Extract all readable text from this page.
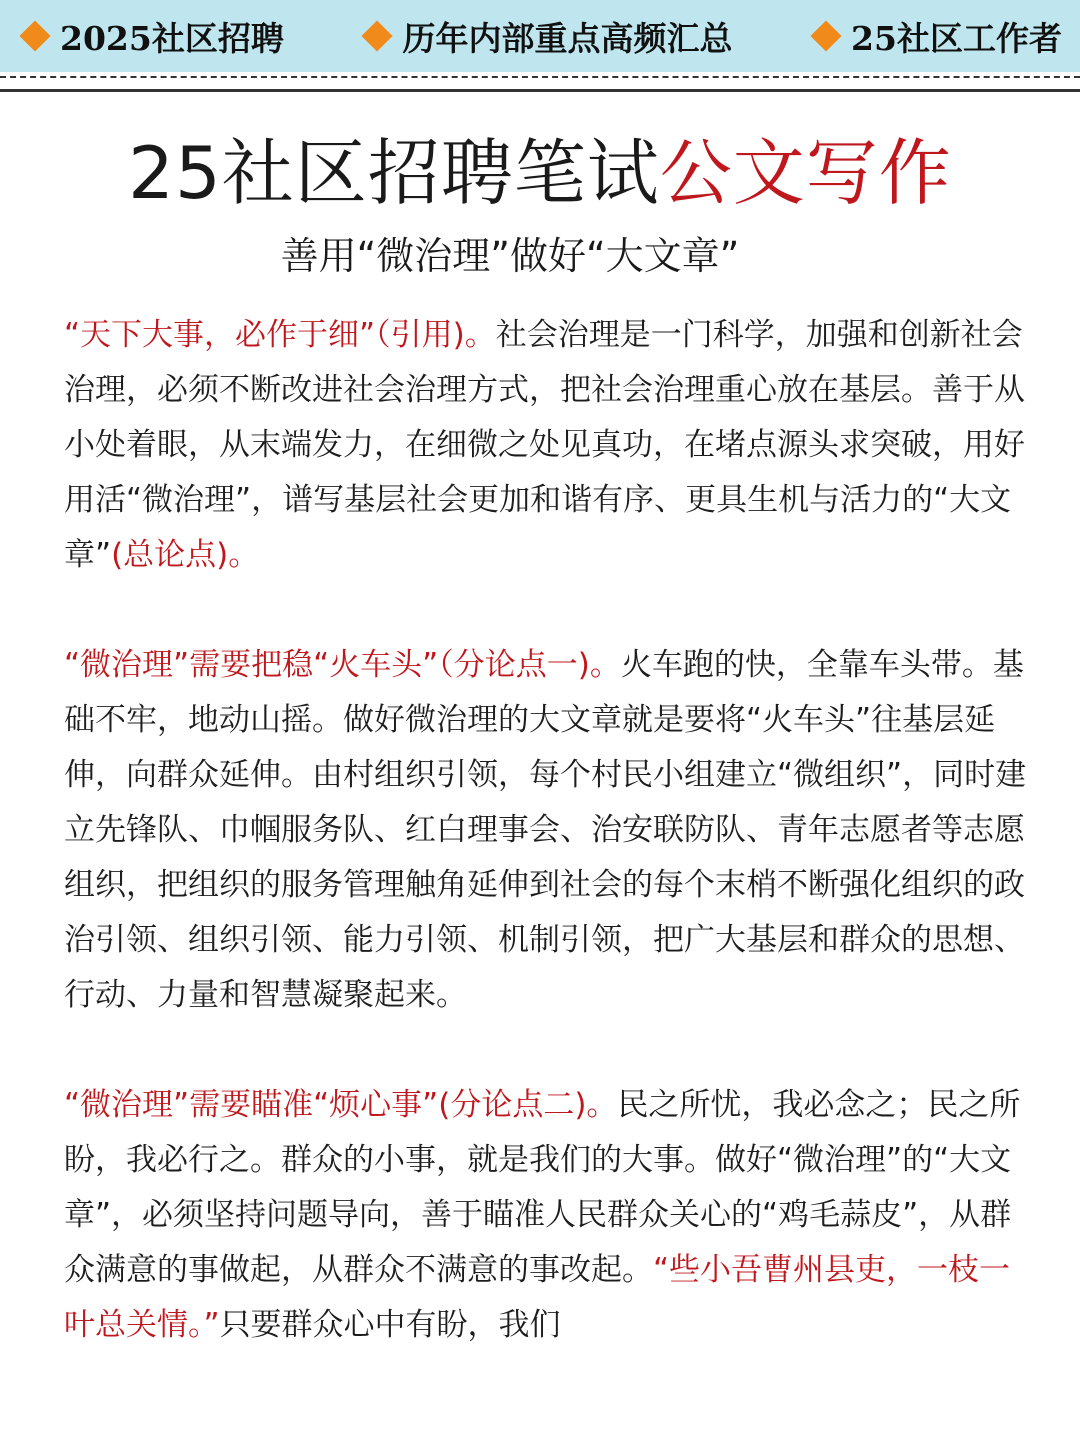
2025社区招聘	历年内部重点高频汇总	25社区工作者
25社区招聘笔试公文写作
善用“微治理”做好“大文章”

“天下大事，必作于细”（引用)。社会治理是一门科学，加强和创新社会治理，必须不断改进社会治理方式，把社会治理重心放在基层。善于从小处着眼，从末端发力，在细微之处见真功，在堵点源头求突破，用好用活“微治理”，谱写基层社会更加和谐有序、更具生机与活力的“大文章”(总论点)。

“微治理”需要把稳“火车头”（分论点一)。火车跑的快，全靠车头带。基础不牢，地动山摇。做好微治理的大文章就是要将“火车头”往基层延伸，向群众延伸。由村组织引领，每个村民小组建立“微组织”，同时建立先锋队、巾帼服务队、红白理事会、治安联防队、青年志愿者等志愿组织，把组织的服务管理触角延伸到社会的每个末梢不断强化组织的政治引领、组织引领、能力引领、机制引领，把广大基层和群众的思想、行动、力量和智慧凝聚起来。

“微治理”需要瞄准“烦心事”(分论点二)。民之所忧，我必念之；民之所盼，我必行之。群众的小事，就是我们的大事。做好“微治理”的“大文章”，必须坚持问题导向，善于瞄准人民群众关心的“鸡毛蒜皮”，从群众满意的事做起，从群众不满意的事改起。“些小吾曹州县吏，一枝一叶总关情。”只要群众心中有盼，我们
